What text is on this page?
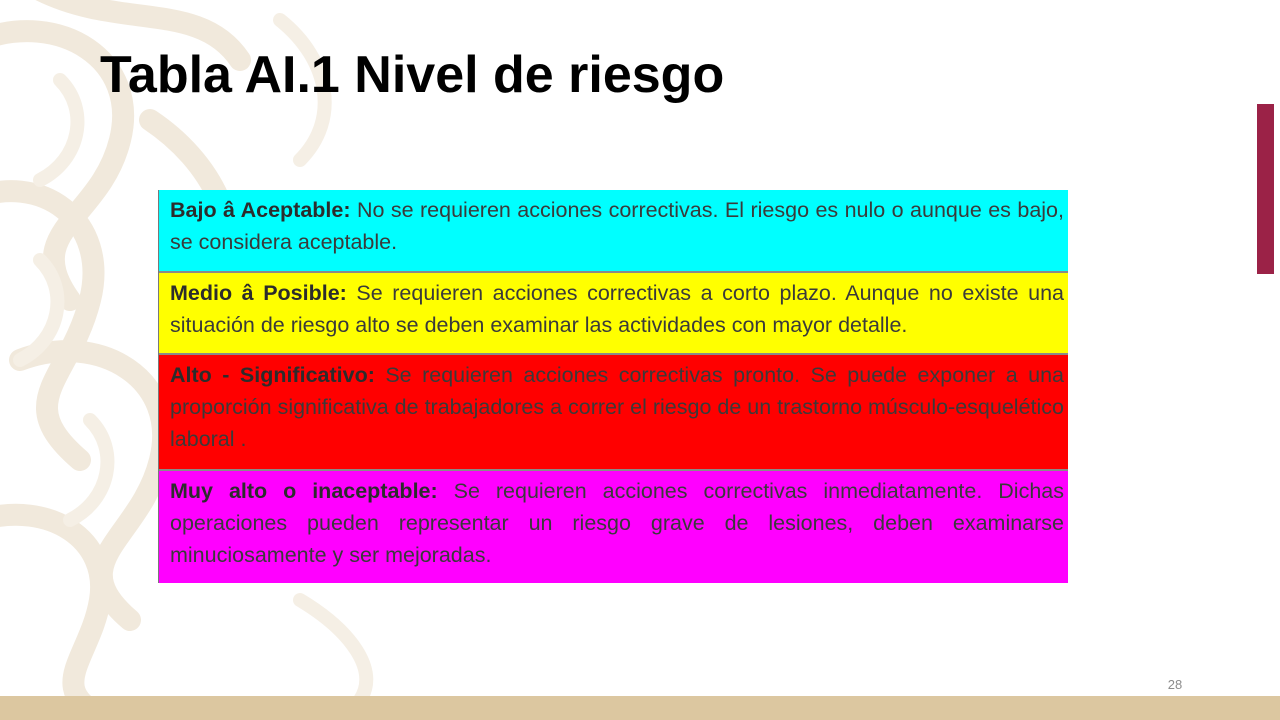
Tabla AI.1 Nivel de riesgo
Bajo â Aceptable: No se requieren acciones correctivas. El riesgo es nulo o aunque es bajo, se considera aceptable.
Medio â Posible: Se requieren acciones correctivas a corto plazo. Aunque no existe una situación de riesgo alto se deben examinar las actividades con mayor detalle.
Alto - Significativo: Se requieren acciones correctivas pronto. Se puede exponer a una proporción significativa de trabajadores a correr el riesgo de un trastorno músculo-esquelético laboral .
Muy alto o inaceptable: Se requieren acciones correctivas inmediatamente. Dichas operaciones pueden representar un riesgo grave de lesiones, deben examinarse minuciosamente y ser mejoradas.
28
